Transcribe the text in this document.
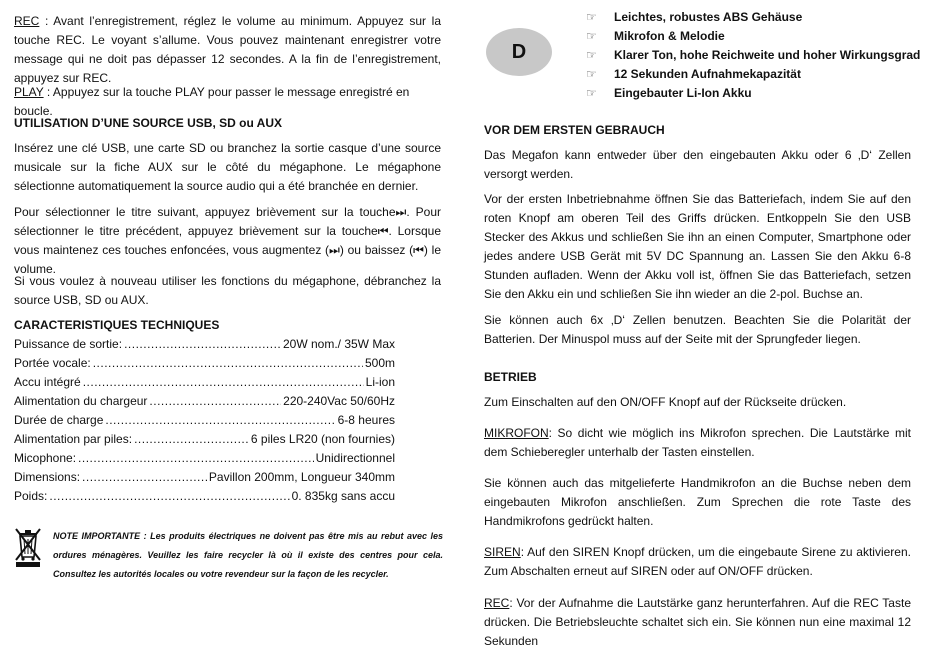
REC : Avant l’enregistrement, réglez le volume au minimum. Appuyez sur la touche REC. Le voyant s’allume. Vous pouvez maintenant enregistrer votre message qui ne doit pas dépasser 12 secondes. A la fin de l’enregistrement, appuyez sur REC.

PLAY : Appuyez sur la touche PLAY pour passer le message enregistré en boucle.

UTILISATION D’UNE SOURCE USB, SD ou AUX

Insérez une clé USB, une carte SD ou branchez la sortie casque d’une source musicale sur la fiche AUX sur le côté du mégaphone. Le mégaphone sélectionne automatiquement la source audio qui a été branchée en dernier.

Pour sélectionner le titre suivant, appuyez brièvement sur la touche⏭. Pour sélectionner le titre précédent, appuyez brièvement sur la touche⏮. Lorsque vous maintenez ces touches enfoncées, vous augmentez (⏭) ou baissez (⏮) le volume.

Si vous voulez à nouveau utiliser les fonctions du mégaphone, débranchez la source USB, SD ou AUX.

CARACTERISTIQUES TECHNIQUES

Puissance de sortie: .....	20W nom./ 35W Max
Portée vocale: .....	500m
Accu intégré .....	Li-ion
Alimentation du chargeur .....	220-240Vac 50/60Hz
Durée de charge .....	6-8 heures
Alimentation par piles: .....	6 piles LR20 (non fournies)
Micophone: .....	Unidirectionnel
Dimensions: .....	Pavillon 200mm, Longueur 340mm
Poids: .....	0. 835kg sans accu

NOTE IMPORTANTE : Les produits électriques ne doivent pas être mis au rebut avec les ordures ménagères. Veuillez les faire recycler là où il existe des centres pour cela. Consultez les autorités locales ou votre revendeur sur la façon de les recycler.

D
☞	Leichtes, robustes ABS Gehäuse
☞	Mikrofon & Melodie
☞	Klarer Ton, hohe Reichweite und hoher Wirkungsgrad
☞	12 Sekunden Aufnahmekapazität
☞	Eingebauter Li-Ion Akku

VOR DEM ERSTEN GEBRAUCH

Das Megafon kann entweder über den eingebauten Akku oder 6 ‚D‘ Zellen versorgt werden.

Vor der ersten Inbetriebnahme öffnen Sie das Batteriefach, indem Sie auf den roten Knopf am oberen Teil des Griffs drücken. Entkoppeln Sie den USB Stecker des Akkus und schließen Sie ihn an einen Computer, Smartphone oder jedes andere USB Gerät mit 5V DC Spannung an. Lassen Sie den Akku 6-8 Stunden aufladen. Wenn der Akku voll ist, öffnen Sie das Batteriefach, setzen Sie den Akku ein und schließen Sie ihn wieder an die 2-pol. Buchse an.

Sie können auch 6x ‚D‘ Zellen benutzen. Beachten Sie die Polarität der Batterien. Der Minuspol muss auf der Seite mit der Sprungfeder liegen.

BETRIEB

Zum Einschalten auf den ON/OFF Knopf auf der Rückseite drücken.

MIKROFON: So dicht wie möglich ins Mikrofon sprechen. Die Lautstärke mit dem Schieberegler unterhalb der Tasten einstellen.

Sie können auch das mitgelieferte Handmikrofon an die Buchse neben dem eingebauten Mikrofon anschließen. Zum Sprechen die rote Taste des Handmikrofons gedrückt halten.

SIREN: Auf den SIREN Knopf drücken, um die eingebaute Sirene zu aktivieren. Zum Abschalten erneut auf SIREN oder auf ON/OFF drücken.

REC: Vor der Aufnahme die Lautstärke ganz herunterfahren. Auf die REC Taste drücken. Die Betriebsleuchte schaltet sich ein. Sie können nun eine maximal 12 Sekunden
